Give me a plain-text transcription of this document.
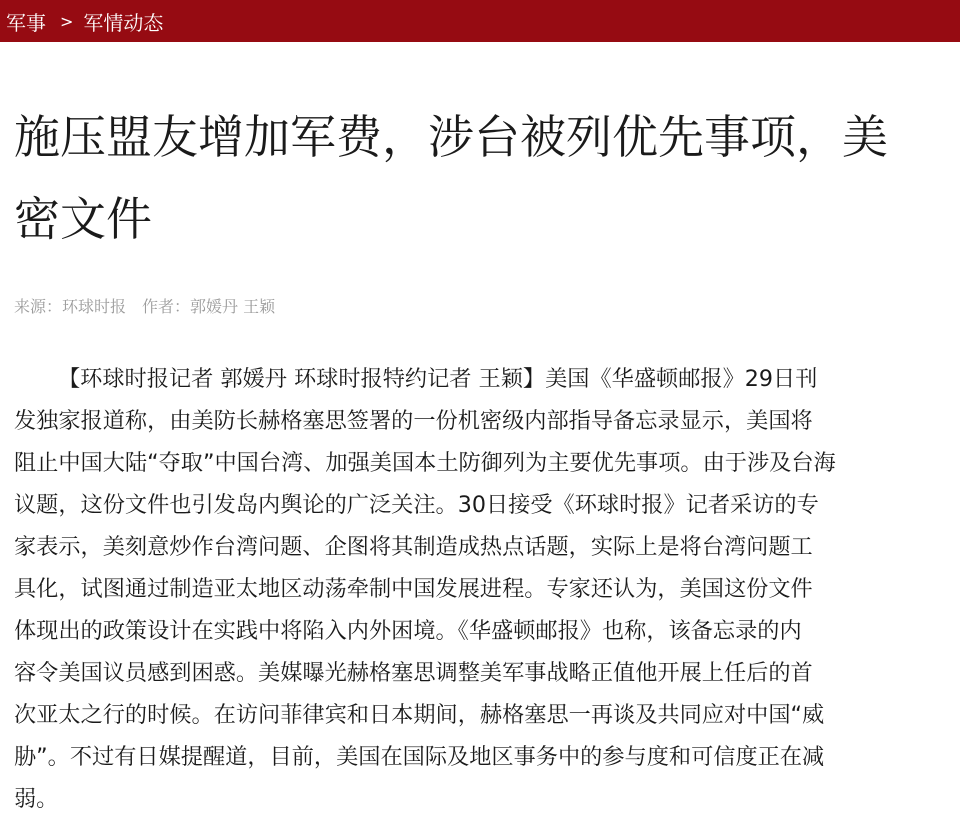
军事 > 军情动态
施压盟友增加军费，涉台被列优先事项，美
密文件
来源：环球时报 作者：郭媛丹 王颖
【环球时报记者 郭媛丹 环球时报特约记者 王颖】美国《华盛顿邮报》29日刊
发独家报道称，由美防长赫格塞思签署的一份机密级内部指导备忘录显示，美国将
阻止中国大陆“夺取”中国台湾、加强美国本土防御列为主要优先事项。由于涉及台海
议题，这份文件也引发岛内舆论的广泛关注。30日接受《环球时报》记者采访的专
家表示，美刻意炒作台湾问题、企图将其制造成热点话题，实际上是将台湾问题工
具化，试图通过制造亚太地区动荡牵制中国发展进程。专家还认为，美国这份文件
体现出的政策设计在实践中将陷入内外困境。《华盛顿邮报》也称，该备忘录的内
容令美国议员感到困惑。美媒曝光赫格塞思调整美军事战略正值他开展上任后的首
次亚太之行的时候。在访问菲律宾和日本期间，赫格塞思一再谈及共同应对中国“威
胁”。不过有日媒提醒道，目前，美国在国际及地区事务中的参与度和可信度正在减
弱。
